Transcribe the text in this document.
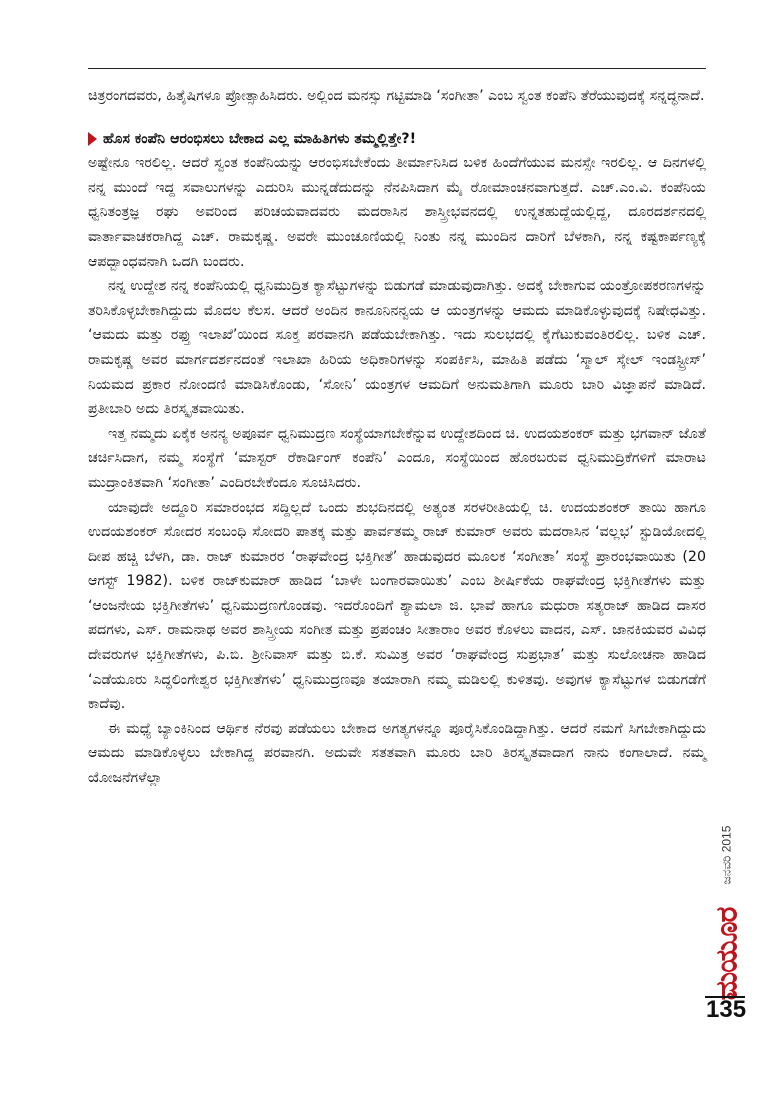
ಚಿತ್ರರಂಗದವರು, ಹಿತೈಷಿಗಳೂ ಪ್ರೋತ್ಸಾಹಿಸಿದರು. ಅಲ್ಲಿಂದ ಮನಸ್ಸು ಗಟ್ಟಿಮಾಡಿ ‘ಸಂಗೀತಾ’ ಎಂಬ ಸ್ವಂತ ಕಂಪೆನಿ ತೆರೆಯುವುದಕ್ಕೆ ಸನ್ನದ್ಧನಾದೆ.

ಹೊಸ ಕಂಪೆನಿ ಆರಂಭಿಸಲು ಬೇಕಾದ ಎಲ್ಲ ಮಾಹಿತಿಗಳು ತಮ್ಮಲ್ಲಿತ್ತೇ?!

ಅಷ್ಟೇನೂ ಇರಲಿಲ್ಲ. ಆದರೆ ಸ್ವಂತ ಕಂಪೆನಿಯನ್ನು ಆರಂಭಿಸಬೇಕೆಂದು ತೀರ್ಮಾನಿಸಿದ ಬಳಿಕ ಹಿಂದೆಗೆಯುವ ಮನಸ್ಸೇ ಇರಲಿಲ್ಲ. ಆ ದಿನಗಳಲ್ಲಿ ನನ್ನ ಮುಂದೆ ಇದ್ದ ಸವಾಲುಗಳನ್ನು ಎದುರಿಸಿ ಮುನ್ನಡೆದುದನ್ನು ನೆನಪಿಸಿದಾಗ ಮೈ ರೋಮಾಂಚನವಾಗುತ್ತದೆ. ಎಚ್.ಎಂ.ವಿ. ಕಂಪೆನಿಯ ಧ್ವನಿತಂತ್ರಜ್ಞ ರಘು ಅವರಿಂದ ಪರಿಚಯವಾದವರು ಮದರಾಸಿನ ಶಾಸ್ತ್ರೀಭವನದಲ್ಲಿ ಉನ್ನತಹುದ್ದೆಯಲ್ಲಿದ್ದ, ದೂರದರ್ಶನದಲ್ಲಿ ವಾರ್ತಾವಾಚಕರಾಗಿದ್ದ ಎಚ್. ರಾಮಕೃಷ್ಣ. ಅವರೇ ಮುಂಚೂಣಿಯಲ್ಲಿ ನಿಂತು ನನ್ನ ಮುಂದಿನ ದಾರಿಗೆ ಬೆಳಕಾಗಿ, ನನ್ನ ಕಷ್ಟಕಾರ್ಪಣ್ಯಕ್ಕೆ ಆಪದ್ಬಾಂಧವನಾಗಿ ಒದಗಿ ಬಂದರು.

ನನ್ನ ಉದ್ದೇಶ ನನ್ನ ಕಂಪೆನಿಯಲ್ಲಿ ಧ್ವನಿಮುದ್ರಿತ ಕ್ಯಾಸೆಟ್ಟುಗಳನ್ನು ಬಿಡುಗಡೆ ಮಾಡುವುದಾಗಿತ್ತು. ಅದಕ್ಕೆ ಬೇಕಾಗುವ ಯಂತ್ರೋಪಕರಣಗಳನ್ನು ತರಿಸಿಕೊಳ್ಳಬೇಕಾಗಿದ್ದುದು ಮೊದಲ ಕೆಲಸ. ಆದರೆ ಅಂದಿನ ಕಾನೂನಿನನ್ವಯ ಆ ಯಂತ್ರಗಳನ್ನು ಆಮದು ಮಾಡಿಕೊಳ್ಳುವುದಕ್ಕೆ ನಿಷೇಧವಿತ್ತು. ‘ಆಮದು ಮತ್ತು ರಫ್ತು ಇಲಾಖೆ’ಯಿಂದ ಸೂಕ್ತ ಪರವಾನಗಿ ಪಡೆಯಬೇಕಾಗಿತ್ತು. ಇದು ಸುಲಭದಲ್ಲಿ ಕೈಗೆಟುಕುವಂತಿರಲಿಲ್ಲ. ಬಳಿಕ ಎಚ್. ರಾಮಕೃಷ್ಣ ಅವರ ಮಾರ್ಗದರ್ಶನದಂತೆ ಇಲಾಖಾ ಹಿರಿಯ ಅಧಿಕಾರಿಗಳನ್ನು ಸಂಪರ್ಕಿಸಿ, ಮಾಹಿತಿ ಪಡೆದು ‘ಸ್ಮಾಲ್ ಸ್ಕೇಲ್ ಇಂಡಸ್ಟ್ರೀಸ್’ ನಿಯಮದ ಪ್ರಕಾರ ನೋಂದಣಿ ಮಾಡಿಸಿಕೊಂಡು, ‘ಸೋನಿ’ ಯಂತ್ರಗಳ ಆಮದಿಗೆ ಅನುಮತಿಗಾಗಿ ಮೂರು ಬಾರಿ ವಿಜ್ಞಾಪನೆ ಮಾಡಿದೆ. ಪ್ರತೀಬಾರಿ ಅದು ತಿರಸ್ಕೃತವಾಯಿತು.

ಇತ್ತ ನಮ್ಮದು ಏಕೈಕ ಅನನ್ಯ ಅಪೂರ್ವ ಧ್ವನಿಮುದ್ರಣ ಸಂಸ್ಥೆಯಾಗಬೇಕೆನ್ನುವ ಉದ್ದೇಶದಿಂದ ಚಿ. ಉದಯಶಂಕರ್ ಮತ್ತು ಭಗವಾನ್ ಜೊತೆ ಚರ್ಚಿಸಿದಾಗ, ನಮ್ಮ ಸಂಸ್ಥೆಗೆ ‘ಮಾಸ್ಟರ್ ರೆಕಾರ್ಡಿಂಗ್ ಕಂಪೆನಿ’ ಎಂದೂ, ಸಂಸ್ಥೆಯಿಂದ ಹೊರಬರುವ ಧ್ವನಿಮುದ್ರಿಕೆಗಳಿಗೆ ಮಾರಾಟ ಮುದ್ರಾಂಕಿತವಾಗಿ ‘ಸಂಗೀತಾ’ ಎಂದಿರಬೇಕೆಂದೂ ಸೂಚಿಸಿದರು.

ಯಾವುದೇ ಅದ್ದೂರಿ ಸಮಾರಂಭದ ಸದ್ದಿಲ್ಲದೆ ಒಂದು ಶುಭದಿನದಲ್ಲಿ ಅತ್ಯಂತ ಸರಳರೀತಿಯಲ್ಲಿ ಚಿ. ಉದಯಶಂಕರ್ ತಾಯಿ ಹಾಗೂ ಉದಯಶಂಕರ್ ಸೋದರ ಸಂಬಂಧಿ ಸೋದರಿ ಪಾತಕ್ಕ ಮತ್ತು ಪಾರ್ವತಮ್ಮ ರಾಜ್ ಕುಮಾರ್ ಅವರು ಮದರಾಸಿನ ‘ವಲ್ಲಭ’ ಸ್ಟುಡಿಯೋದಲ್ಲಿ ದೀಪ ಹಚ್ಚಿ ಬೆಳಗಿ, ಡಾ. ರಾಜ್ ಕುಮಾರರ ‘ರಾಘವೇಂದ್ರ ಭಕ್ತಿಗೀತೆ’ ಹಾಡುವುದರ ಮೂಲಕ ‘ಸಂಗೀತಾ’ ಸಂಸ್ಥೆ ಪ್ರಾರಂಭವಾಯಿತು (20 ಆಗಸ್ಟ್ 1982). ಬಳಿಕ ರಾಜ್‌ಕುಮಾರ್ ಹಾಡಿದ ‘ಬಾಳೇ ಬಂಗಾರವಾಯಿತು’ ಎಂಬ ಶೀರ್ಷಿಕೆಯ ರಾಘವೇಂದ್ರ ಭಕ್ತಿಗೀತೆಗಳು ಮತ್ತು ‘ಆಂಜನೇಯ ಭಕ್ತಿಗೀತೆಗಳು’ ಧ್ವನಿಮುದ್ರಣಗೊಂಡವು. ಇದರೊಂದಿಗೆ ಶ್ಯಾಮಲಾ ಜಿ. ಭಾವೆ ಹಾಗೂ ಮಧುರಾ ಸತ್ಯರಾಜ್ ಹಾಡಿದ ದಾಸರ ಪದಗಳು, ಎಸ್. ರಾಮನಾಥ ಅವರ ಶಾಸ್ತ್ರೀಯ ಸಂಗೀತ ಮತ್ತು ಪ್ರಪಂಚಂ ಸೀತಾರಾಂ ಅವರ ಕೊಳಲು ವಾದನ, ಎಸ್. ಜಾನಕಿಯವರ ವಿವಿಧ ದೇವರುಗಳ ಭಕ್ತಿಗೀತೆಗಳು, ಪಿ.ಬಿ. ಶ್ರೀನಿವಾಸ್ ಮತ್ತು ಬಿ.ಕೆ. ಸುಮಿತ್ರ ಅವರ ‘ರಾಘವೇಂದ್ರ ಸುಪ್ರಭಾತ’ ಮತ್ತು ಸುಲೋಚನಾ ಹಾಡಿದ ‘ಎಡೆಯೂರು ಸಿದ್ಧಲಿಂಗೇಶ್ವರ ಭಕ್ತಿಗೀತೆಗಳು’ ಧ್ವನಿಮುದ್ರಣವೂ ತಯಾರಾಗಿ ನಮ್ಮ ಮಡಿಲಲ್ಲಿ ಕುಳಿತವು. ಅವುಗಳ ಕ್ಯಾಸೆಟ್ಟುಗಳ ಬಿಡುಗಡೆಗೆ ಕಾದೆವು.

ಈ ಮಧ್ಯೆ ಬ್ಯಾಂಕಿನಿಂದ ಆರ್ಥಿಕ ನೆರವು ಪಡೆಯಲು ಬೇಕಾದ ಅಗತ್ಯಗಳನ್ನೂ ಪೂರೈಸಿಕೊಂಡಿದ್ದಾಗಿತ್ತು. ಆದರೆ ನಮಗೆ ಸಿಗಬೇಕಾಗಿದ್ದುದು ಆಮದು ಮಾಡಿಕೊಳ್ಳಲು ಬೇಕಾಗಿದ್ದ ಪರವಾನಗಿ. ಅದುವೇ ಸತತವಾಗಿ ಮೂರು ಬಾರಿ ತಿರಸ್ಕೃತವಾದಾಗ ನಾನು ಕಂಗಾಲಾದೆ. ನಮ್ಮ ಯೋಜನೆಗಳೆಲ್ಲಾ

ಜನವರಿ 2015
ಮಯೂರ
135
